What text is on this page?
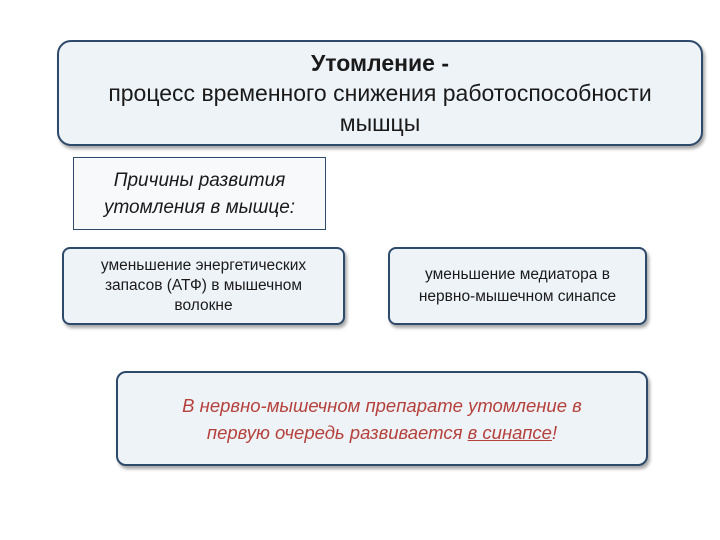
Утомление -
процесс временного снижения работоспособности
мышцы
Причины развития
утомления в мышце:
уменьшение энергетических
запасов (АТФ) в мышечном
волокне
уменьшение медиатора в
нервно-мышечном синапсе
В нервно-мышечном препарате утомление в
первую очередь развивается в синапсе!
